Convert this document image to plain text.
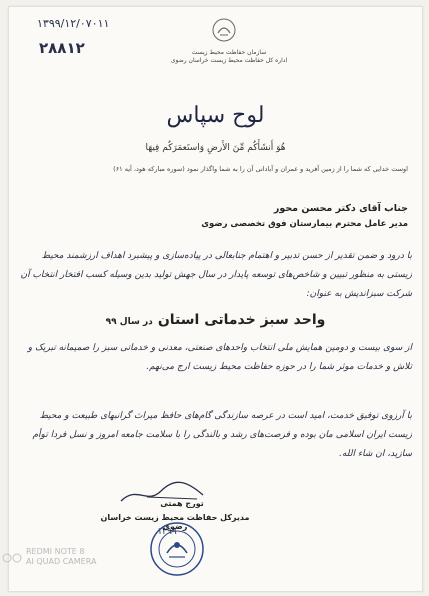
۱۳۹۹/۱۲/۰۷۰۱۱
۲۸۸۱۲	سازمان حفاظت محیط زیست
اداره کل حفاظت محیط زیست خراسان رضوی
لوح سپاس
هُوَ أَنشَأَكُم مِّنَ الأَرضِ وَاستَعمَرَكُم فِيهَا
اوست خدایی که شما را از زمین آفرید و عمران و آبادانی آن را به شما واگذار نمود (سوره مبارکه هود، آیه ۶۱)
جناب آقای دکتر محسن محور
مدیر عامل محترم بیمارستان فوق تخصصی رضوی
با درود و ضمن تقدیر از حسن تدبیر و اهتمام جنابعالی در پیاده‌سازی و پیشبرد اهداف ارزشمند محیط زیستی به منظور تبیین و شاخص‌های توسعه پایدار در سال جهش تولید بدین وسیله کسب افتخار انتخاب آن شرکت سبزاندیش به عنوان:
واحد سبز خدماتی استان در سال ۹۹
از سوی بیست و دومین همایش ملی انتخاب واحدهای صنعتی، معدنی و خدماتی سبز را صمیمانه تبریک و تلاش و خدمات موثر شما را در حوزه حفاظت محیط زیست ارج می‌نهم.
با آرزوی توفیق خدمت، امید است در عرصه سازندگی گام‌های حافظ میراث گرانبهای طبیعت و محیط زیست ایران اسلامی مان بوده و فرصت‌های رشد و بالندگی را با سلامت جامعه امروز و نسل فردا توأم سازید، ان شاء الله.
تورج همتی
مدیرکل حفاظت محیط زیست خراسان رضوی
۱۳۹۹
REDMI NOTE 8
AI QUAD CAMERA
